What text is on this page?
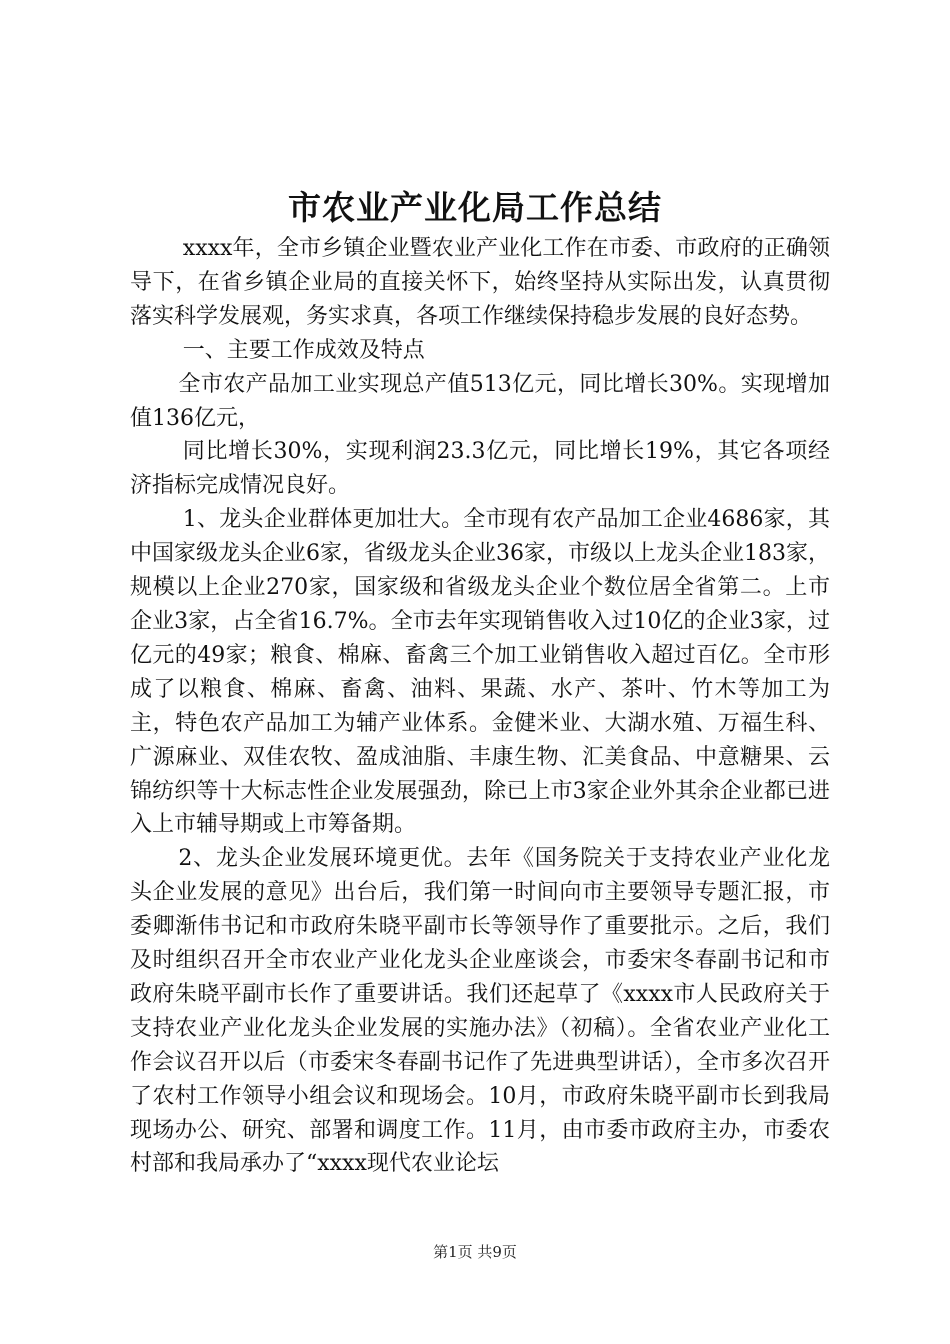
市农业产业化局工作总结

xxxx年，全市乡镇企业暨农业产业化工作在市委、市政府的正确领导下，在省乡镇企业局的直接关怀下，始终坚持从实际出发，认真贯彻落实科学发展观，务实求真，各项工作继续保持稳步发展的良好态势。

一、主要工作成效及特点

全市农产品加工业实现总产值513亿元，同比增长30%。实现增加值136亿元，

同比增长30%，实现利润23.3亿元，同比增长19%，其它各项经济指标完成情况良好。

1、龙头企业群体更加壮大。全市现有农产品加工企业4686家，其中国家级龙头企业6家，省级龙头企业36家，市级以上龙头企业183家，规模以上企业270家，国家级和省级龙头企业个数位居全省第二。上市企业3家，占全省16.7%。全市去年实现销售收入过10亿的企业3家，过亿元的49家；粮食、棉麻、畜禽三个加工业销售收入超过百亿。全市形成了以粮食、棉麻、畜禽、油料、果蔬、水产、茶叶、竹木等加工为主，特色农产品加工为辅产业体系。金健米业、大湖水殖、万福生科、广源麻业、双佳农牧、盈成油脂、丰康生物、汇美食品、中意糖果、云锦纺织等十大标志性企业发展强劲，除已上市3家企业外其余企业都已进入上市辅导期或上市筹备期。

2、龙头企业发展环境更优。去年《国务院关于支持农业产业化龙头企业发展的意见》出台后，我们第一时间向市主要领导专题汇报，市委卿渐伟书记和市政府朱晓平副市长等领导作了重要批示。之后，我们及时组织召开全市农业产业化龙头企业座谈会，市委宋冬春副书记和市政府朱晓平副市长作了重要讲话。我们还起草了《xxxx市人民政府关于支持农业产业化龙头企业发展的实施办法》（初稿）。全省农业产业化工作会议召开以后（市委宋冬春副书记作了先进典型讲话），全市多次召开了农村工作领导小组会议和现场会。10月，市政府朱晓平副市长到我局现场办公、研究、部署和调度工作。11月，由市委市政府主办，市委农村部和我局承办了“xxxx现代农业论坛

第1页 共9页
